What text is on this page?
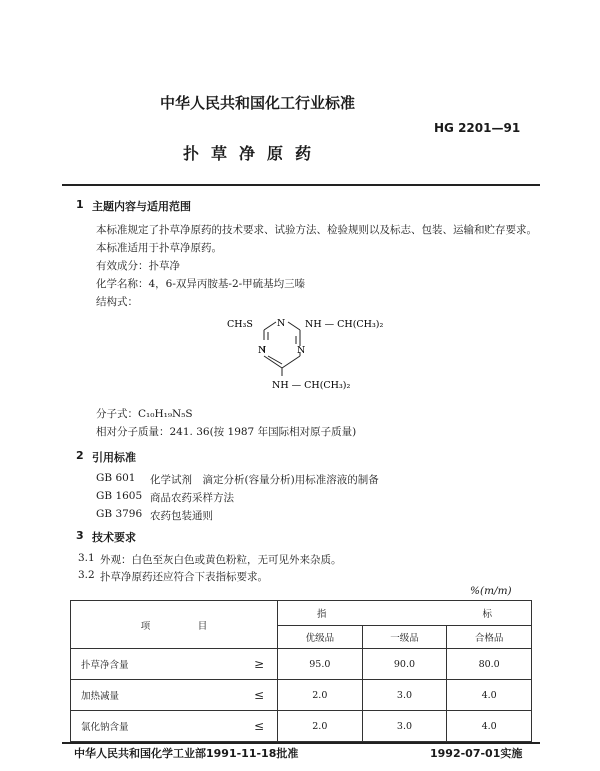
中华人民共和国化工行业标准
HG 2201—91
扑草净原药
1 主题内容与适用范围
本标准规定了扑草净原药的技术要求、试验方法、检验规则以及标志、包装、运输和贮存要求。
本标准适用于扑草净原药。
有效成分：扑草净
化学名称：4，6-双异丙胺基-2-甲硫基均三嗪
结构式：
CH₃S	N
N	N
NH — CH(CH₃)₂
NH — CH(CH₃)₂
分子式：C₁₀H₁₉N₅S
相对分子质量：241. 36(按 1987 年国际相对原子质量)
2 引用标准
GB 601 化学试剂　滴定分析(容量分析)用标准溶液的制备
GB 1605 商品农药采样方法
GB 3796 农药包装通则
3 技术要求
3.1 外观：白色至灰白色或黄色粉粒，无可见外来杂质。
3.2 扑草净原药还应符合下表指标要求。
%(m/m)
项　　　　　目		指 标		
		优级品	一级品	合格品
扑草净含量	≥	95.0	90.0	80.0
加热减量	≤	2.0	3.0	4.0
氯化钠含量	≤	2.0	3.0	4.0
中华人民共和国化学工业部1991-11-18批准	1992-07-01实施
